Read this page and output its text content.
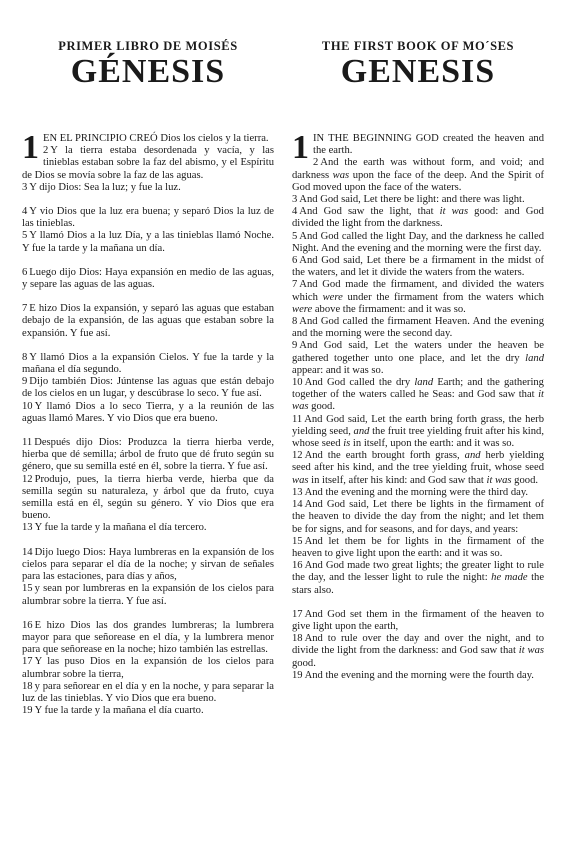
PRIMER LIBRO DE MOISÉS
GÉNESIS
1 EN EL PRINCIPIO CREÓ Dios los cielos y la tierra.
2 Y la tierra estaba desordenada y vacía, y las tinieblas estaban sobre la faz del abismo, y el Espíritu de Dios se movía sobre la faz de las aguas.
3 Y dijo Dios: Sea la luz; y fue la luz.
4 Y vio Dios que la luz era buena; y separó Dios la luz de las tinieblas.
5 Y llamó Dios a la luz Día, y a las tinieblas llamó Noche. Y fue la tarde y la mañana un día.
6 Luego dijo Dios: Haya expansión en medio de las aguas, y separe las aguas de las aguas.
7 E hizo Dios la expansión, y separó las aguas que estaban debajo de la expansión, de las aguas que estaban sobre la expansión. Y fue así.
8 Y llamó Dios a la expansión Cielos. Y fue la tarde y la mañana el día segundo.
9 Dijo también Dios: Júntense las aguas que están debajo de los cielos en un lugar, y descúbrase lo seco. Y fue así.
10 Y llamó Dios a lo seco Tierra, y a la reunión de las aguas llamó Mares. Y vio Dios que era bueno.
11 Después dijo Dios: Produzca la tierra hierba verde, hierba que dé semilla; árbol de fruto que dé fruto según su género, que su semilla esté en él, sobre la tierra. Y fue así.
12 Produjo, pues, la tierra hierba verde, hierba que da semilla según su naturaleza, y árbol que da fruto, cuya semilla está en él, según su género. Y vio Dios que era bueno.
13 Y fue la tarde y la mañana el día tercero.
14 Dijo luego Dios: Haya lumbreras en la expansión de los cielos para separar el día de la noche; y sirvan de señales para las estaciones, para días y años,
15 y sean por lumbreras en la expansión de los cielos para alumbrar sobre la tierra. Y fue así.
16 E hizo Dios las dos grandes lumbreras; la lumbrera mayor para que señorease en el día, y la lumbrera menor para que señorease en la noche; hizo también las estrellas.
17 Y las puso Dios en la expansión de los cielos para alumbrar sobre la tierra,
18 y para señorear en el día y en la noche, y para separar la luz de las tinieblas. Y vio Dios que era bueno.
19 Y fue la tarde y la mañana el día cuarto.
THE FIRST BOOK OF MO´SES
GENESIS
1 IN THE BEGINNING GOD created the heaven and the earth.
2 And the earth was without form, and void; and darkness was upon the face of the deep. And the Spirit of God moved upon the face of the waters.
3 And God said, Let there be light: and there was light.
4 And God saw the light, that it was good: and God divided the light from the darkness.
5 And God called the light Day, and the darkness he called Night. And the evening and the morning were the first day.
6 And God said, Let there be a firmament in the midst of the waters, and let it divide the waters from the waters.
7 And God made the firmament, and divided the waters which were under the firmament from the waters which were above the firmament: and it was so.
8 And God called the firmament Heaven. And the evening and the morning were the second day.
9 And God said, Let the waters under the heaven be gathered together unto one place, and let the dry land appear: and it was so.
10 And God called the dry land Earth; and the gathering together of the waters called he Seas: and God saw that it was good.
11 And God said, Let the earth bring forth grass, the herb yielding seed, and the fruit tree yielding fruit after his kind, whose seed is in itself, upon the earth: and it was so.
12 And the earth brought forth grass, and herb yielding seed after his kind, and the tree yielding fruit, whose seed was in itself, after his kind: and God saw that it was good.
13 And the evening and the morning were the third day.
14 And God said, Let there be lights in the firmament of the heaven to divide the day from the night; and let them be for signs, and for seasons, and for days, and years:
15 And let them be for lights in the firmament of the heaven to give light upon the earth: and it was so.
16 And God made two great lights; the greater light to rule the day, and the lesser light to rule the night: he made the stars also.
17 And God set them in the firmament of the heaven to give light upon the earth,
18 And to rule over the day and over the night, and to divide the light from the darkness: and God saw that it was good.
19 And the evening and the morning were the fourth day.
